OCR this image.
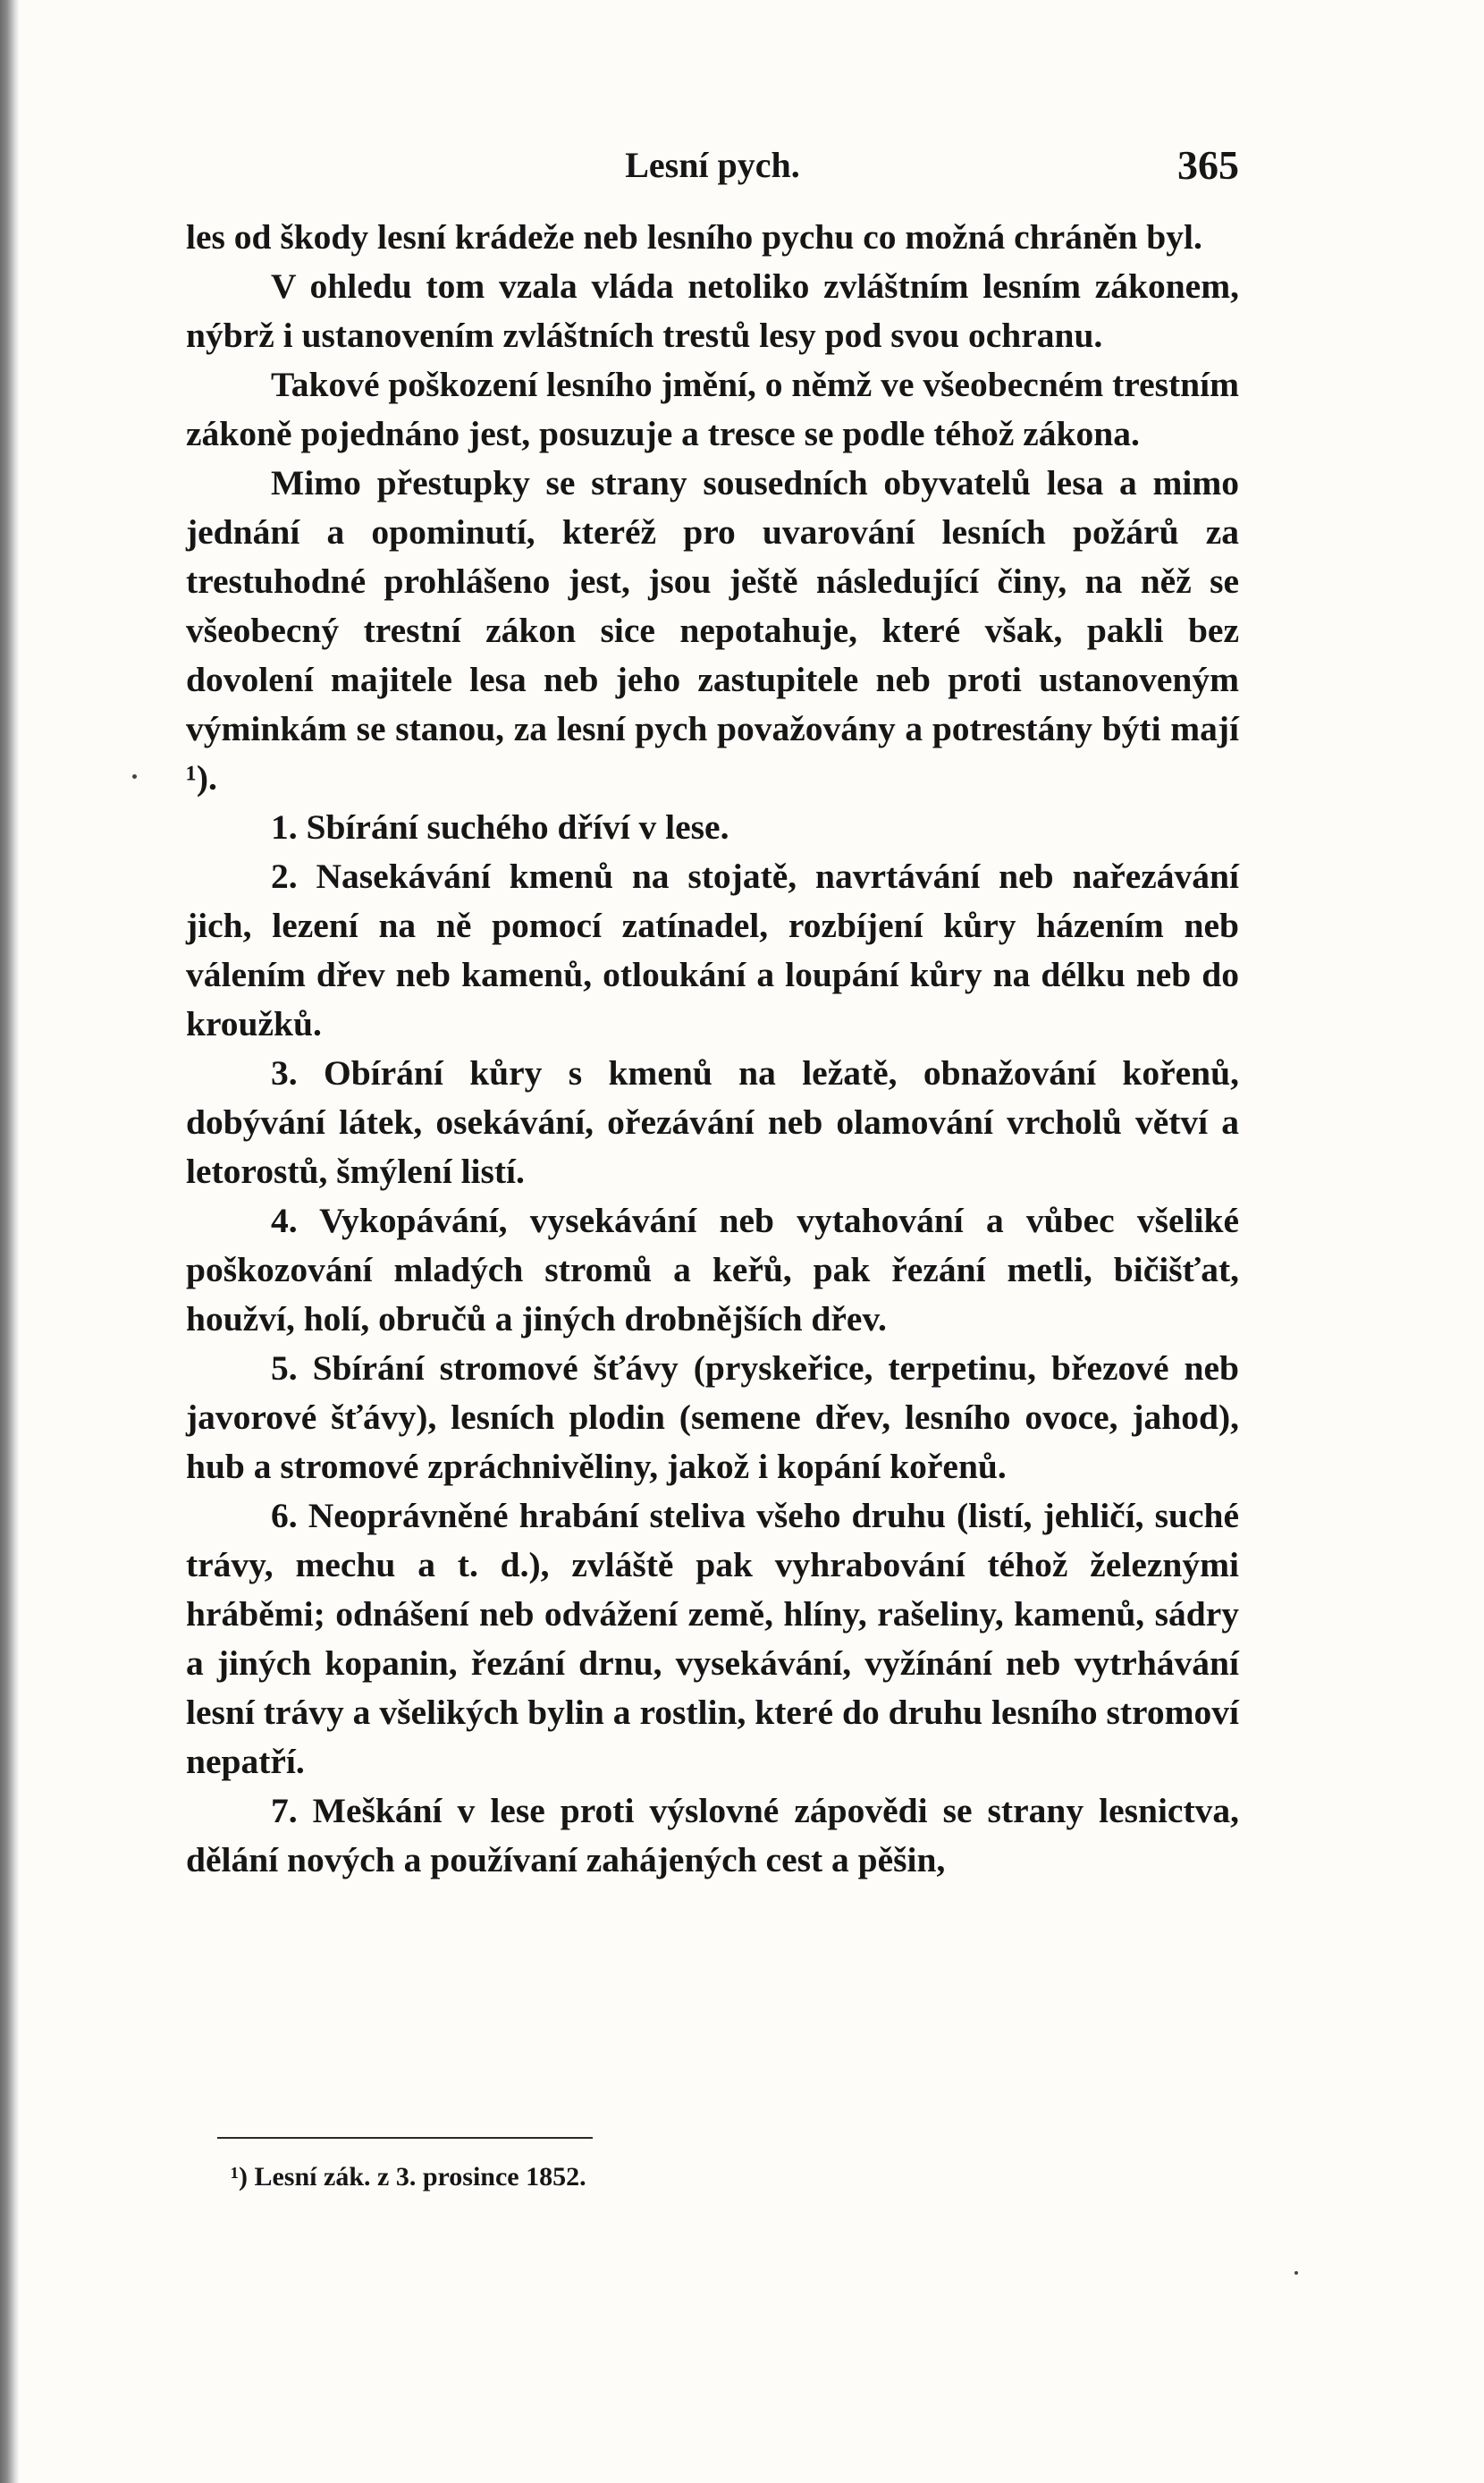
Lesní pych.	365

les od škody lesní krádeže neb lesního pychu co možná chráněn byl.

V ohledu tom vzala vláda netoliko zvláštním lesním zákonem, nýbrž i ustanovením zvláštních trestů lesy pod svou ochranu.

Takové poškození lesního jmění, o němž ve všeobecném trestním zákoně pojednáno jest, posuzuje a tresce se podle téhož zákona.

Mimo přestupky se strany sousedních obyvatelů lesa a mimo jednání a opominutí, kteréž pro uvarování lesních požárů za trestuhodné prohlášeno jest, jsou ještě následující činy, na něž se všeobecný trestní zákon sice nepotahuje, které však, pakli bez dovolení majitele lesa neb jeho zastupitele neb proti ustanoveným výminkám se stanou, za lesní pych považovány a potrestány býti mají ¹).

1. Sbírání suchého dříví v lese.

2. Nasekávání kmenů na stojatě, navrtávání neb nařezávání jich, lezení na ně pomocí zatínadel, rozbíjení kůry házením neb válením dřev neb kamenů, otloukání a loupání kůry na délku neb do kroužků.

3. Obírání kůry s kmenů na ležatě, obnažování kořenů, dobývání látek, osekávání, ořezávání neb olamování vrcholů větví a letorostů, šmýlení listí.

4. Vykopávání, vysekávání neb vytahování a vůbec všeliké poškozování mladých stromů a keřů, pak řezání metli, bičišťat, houžví, holí, obručů a jiných drobnějších dřev.

5. Sbírání stromové šťávy (pryskeřice, terpetinu, březové neb javorové šťávy), lesních plodin (semene dřev, lesního ovoce, jahod), hub a stromové zpráchnivěliny, jakož i kopání kořenů.

6. Neoprávněné hrabání steliva všeho druhu (listí, jehličí, suché trávy, mechu a t. d.), zvláště pak vyhrabování téhož železnými hráběmi; odnášení neb odvážení země, hlíny, rašeliny, kamenů, sádry a jiných kopanin, řezání drnu, vysekávání, vyžínání neb vytrhávání lesní trávy a všelikých bylin a rostlin, které do druhu lesního stromoví nepatří.

7. Meškání v lese proti výslovné zápovědi se strany lesnictva, dělání nových a používaní zahájených cest a pěšin,

¹) Lesní zák. z 3. prosince 1852.
